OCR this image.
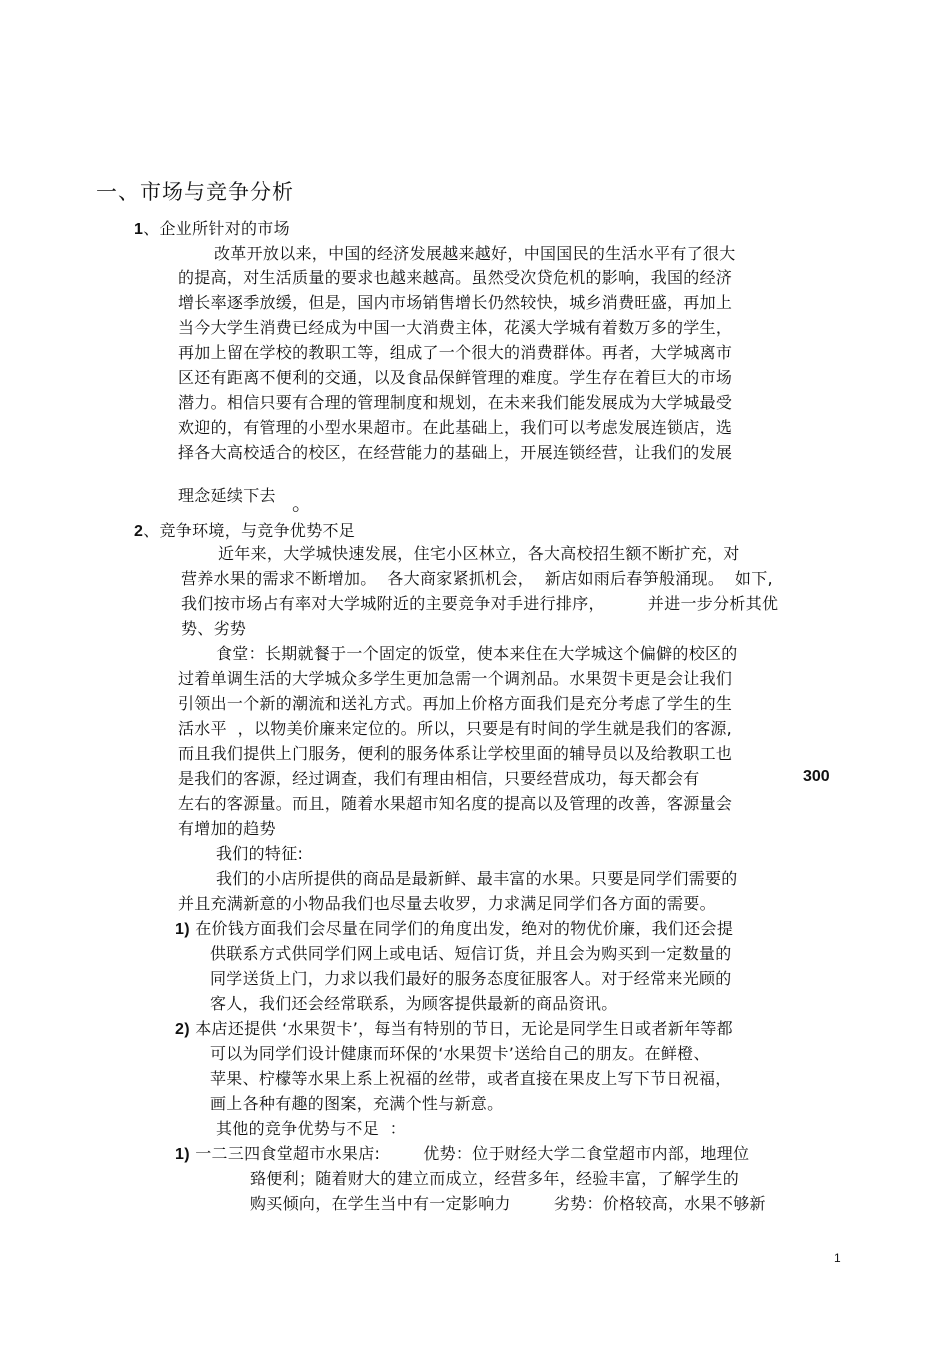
一、市场与竞争分析
1、企业所针对的市场
改革开放以来，中国的经济发展越来越好，中国国民的生活水平有了很大
的提高，对生活质量的要求也越来越高。虽然受次贷危机的影响，我国的经济
增长率逐季放缓，但是，国内市场销售增长仍然较快，城乡消费旺盛，再加上
当今大学生消费已经成为中国一大消费主体，花溪大学城有着数万多的学生，
再加上留在学校的教职工等，组成了一个很大的消费群体。再者，大学城离市
区还有距离不便利的交通，以及食品保鲜管理的难度。学生存在着巨大的市场
潜力。相信只要有合理的管理制度和规划，在未来我们能发展成为大学城最受
欢迎的，有管理的小型水果超市。在此基础上，我们可以考虑发展连锁店，选
择各大高校适合的校区，在经营能力的基础上，开展连锁经营，让我们的发展
理念延续下去 。
2、竞争环境，与竞争优势不足
近年来，大学城快速发展，住宅小区林立，各大高校招生额不断扩充，对
营养水果的需求不断增加。  各大商家紧抓机会，  新店如雨后春笋般涌现。  如下,
我们按市场占有率对大学城附近的主要竞争对手进行排序，        并进一步分析其优
势、劣势
食堂：长期就餐于一个固定的饭堂，使本来住在大学城这个偏僻的校区的
过着单调生活的大学城众多学生更加急需一个调剂品。水果贺卡更是会让我们
引领出一个新的潮流和送礼方式。再加上价格方面我们是充分考虑了学生的生
活水平  ，以物美价廉来定位的。所以，只要是有时间的学生就是我们的客源,
而且我们提供上门服务，便利的服务体系让学校里面的辅导员以及给教职工也
是我们的客源，经过调查，我们有理由相信，只要经营成功，每天都会有	300
左右的客源量。而且，随着水果超市知名度的提高以及管理的改善，客源量会
有增加的趋势
我们的特征:
我们的小店所提供的商品是最新鲜、最丰富的水果。只要是同学们需要的
并且充满新意的小物品我们也尽量去收罗，力求满足同学们各方面的需要。
1) 在价钱方面我们会尽量在同学们的角度出发，绝对的物优价廉，我们还会提
供联系方式供同学们网上或电话、短信订货，并且会为购买到一定数量的
同学送货上门，力求以我们最好的服务态度征服客人。对于经常来光顾的
客人，我们还会经常联系，为顾客提供最新的商品资讯。
2) 本店还提供 ‘水果贺卡’，每当有特别的节日，无论是同学生日或者新年等都
可以为同学们设计健康而环保的‘水果贺卡’送给自己的朋友。在鲜橙、
苹果、柠檬等水果上系上祝福的丝带，或者直接在果皮上写下节日祝福，
画上各种有趣的图案，充满个性与新意。
其他的竞争优势与不足  ：
1) 一二三四食堂超市水果店:        优势：位于财经大学二食堂超市内部，地理位
臵便利；随着财大的建立而成立，经营多年，经验丰富，了解学生的
购买倾向，在学生当中有一定影响力        劣势：价格较高，水果不够新
1
